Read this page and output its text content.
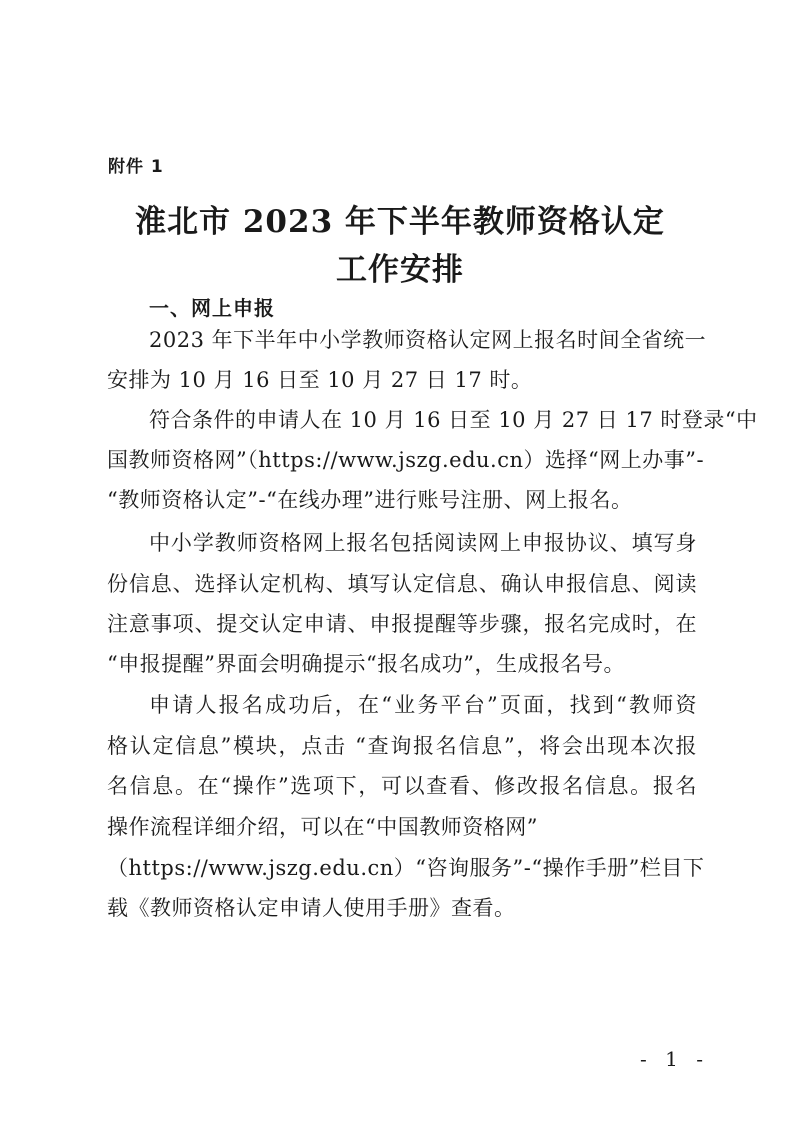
附件 1
淮北市 2023 年下半年教师资格认定
工作安排
一、网上申报
2023 年下半年中小学教师资格认定网上报名时间全省统一
安排为 10 月 16 日至 10 月 27 日 17 时。
符合条件的申请人在 10 月 16 日至 10 月 27 日 17 时登录“中
国教师资格网”（https://www.jszg.edu.cn）选择“网上办事”-
“教师资格认定”-“在线办理”进行账号注册、网上报名。
中小学教师资格网上报名包括阅读网上申报协议、填写身
份信息、选择认定机构、填写认定信息、确认申报信息、阅读
注意事项、提交认定申请、申报提醒等步骤，报名完成时，在
“申报提醒”界面会明确提示“报名成功”，生成报名号。
申请人报名成功后，在“业务平台”页面，找到“教师资
格认定信息”模块，点击 “查询报名信息”，将会出现本次报
名信息。在“操作”选项下，可以查看、修改报名信息。报名
操作流程详细介绍，可以在“中国教师资格网”
（https://www.jszg.edu.cn）“咨询服务”-“操作手册”栏目下
载《教师资格认定申请人使用手册》查看。
- 1 -
